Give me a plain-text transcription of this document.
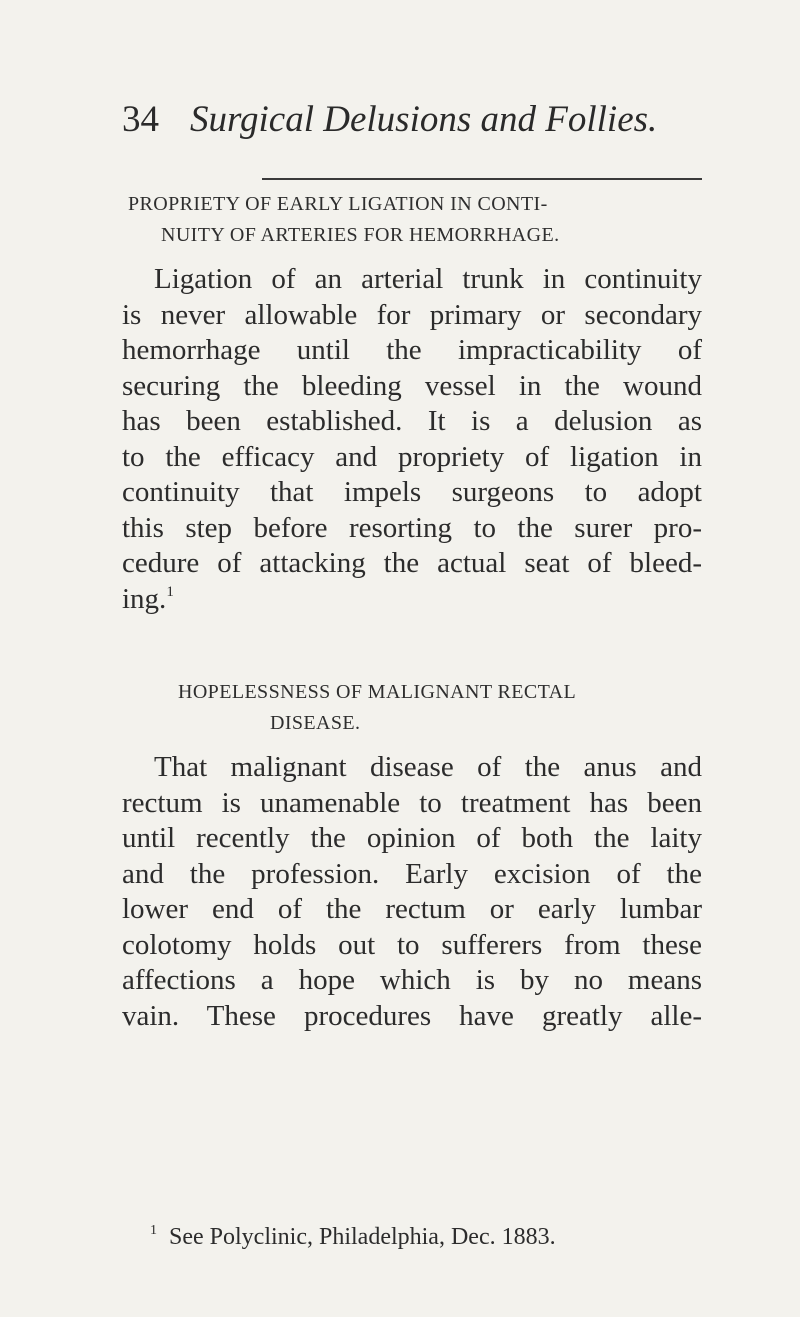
34 Surgical Delusions and Follies.
PROPRIETY OF EARLY LIGATION IN CONTI-
NUITY OF ARTERIES FOR HEMORRHAGE.
Ligation of an arterial trunk in continuity
is never allowable for primary or secondary
hemorrhage until the impracticability of
securing the bleeding vessel in the wound
has been established. It is a delusion as
to the efficacy and propriety of ligation in
continuity that impels surgeons to adopt
this step before resorting to the surer pro-
cedure of attacking the actual seat of bleed-
ing.$^1$
HOPELESSNESS OF MALIGNANT RECTAL
DISEASE.
That malignant disease of the anus and
rectum is unamenable to treatment has been
until recently the opinion of both the laity
and the profession. Early excision of the
lower end of the rectum or early lumbar
colotomy holds out to sufferers from these
affections a hope which is by no means
vain. These procedures have greatly alle-
$^1$ See Polyclinic, Philadelphia, Dec. 1883.
